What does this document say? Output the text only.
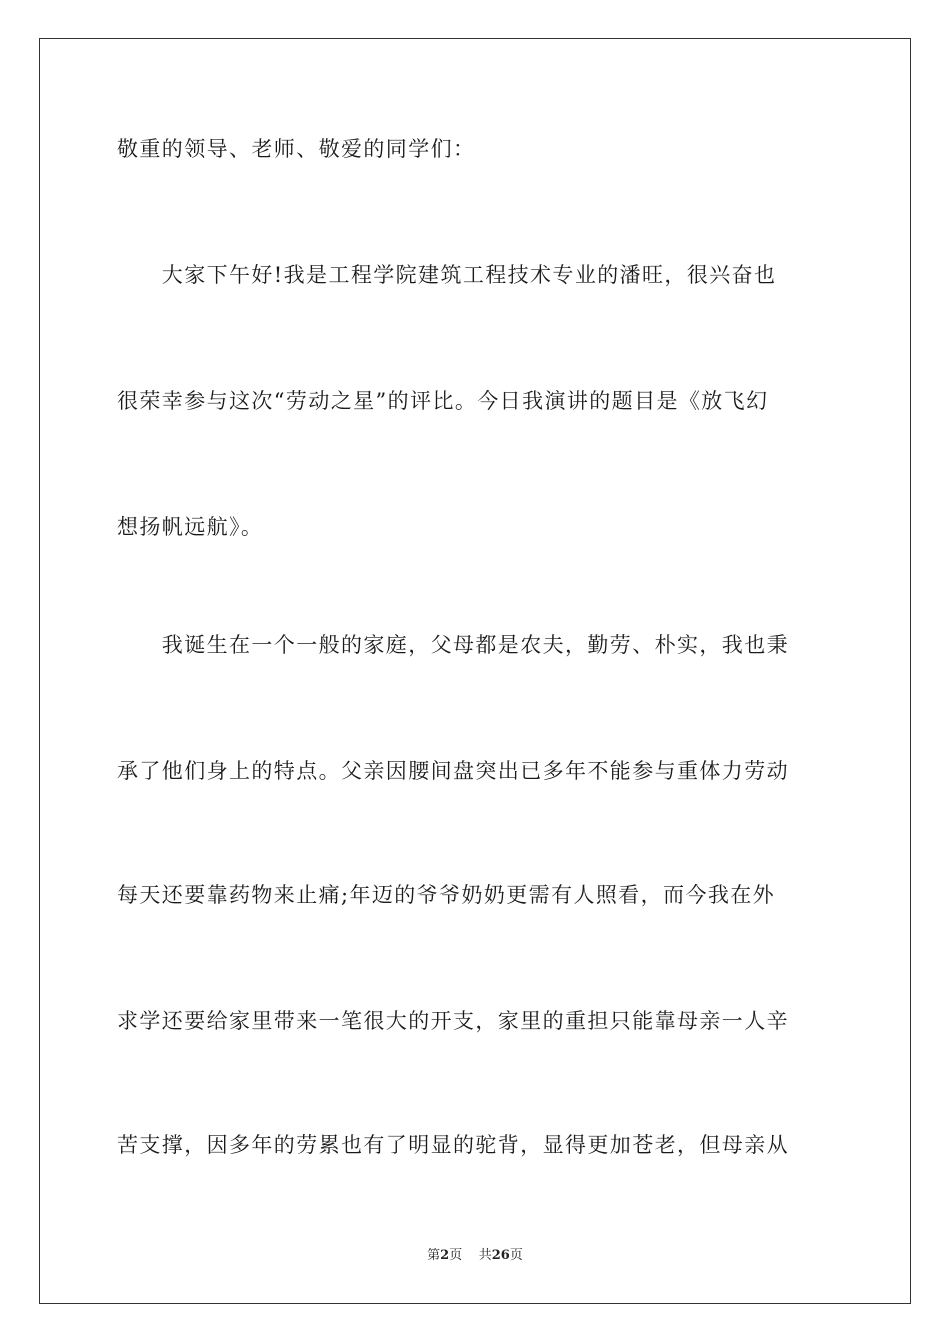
敬重的领导、老师、敬爱的同学们：
　　大家下午好!我是工程学院建筑工程技术专业的潘旺，很兴奋也
很荣幸参与这次“劳动之星”的评比。今日我演讲的题目是《放飞幻
想扬帆远航》。
　　我诞生在一个一般的家庭，父母都是农夫，勤劳、朴实，我也秉
承了他们身上的特点。父亲因腰间盘突出已多年不能参与重体力劳动
每天还要靠药物来止痛;年迈的爷爷奶奶更需有人照看，而今我在外
求学还要给家里带来一笔很大的开支，家里的重担只能靠母亲一人辛
苦支撑，因多年的劳累也有了明显的驼背，显得更加苍老，但母亲从
第2页 共26页
